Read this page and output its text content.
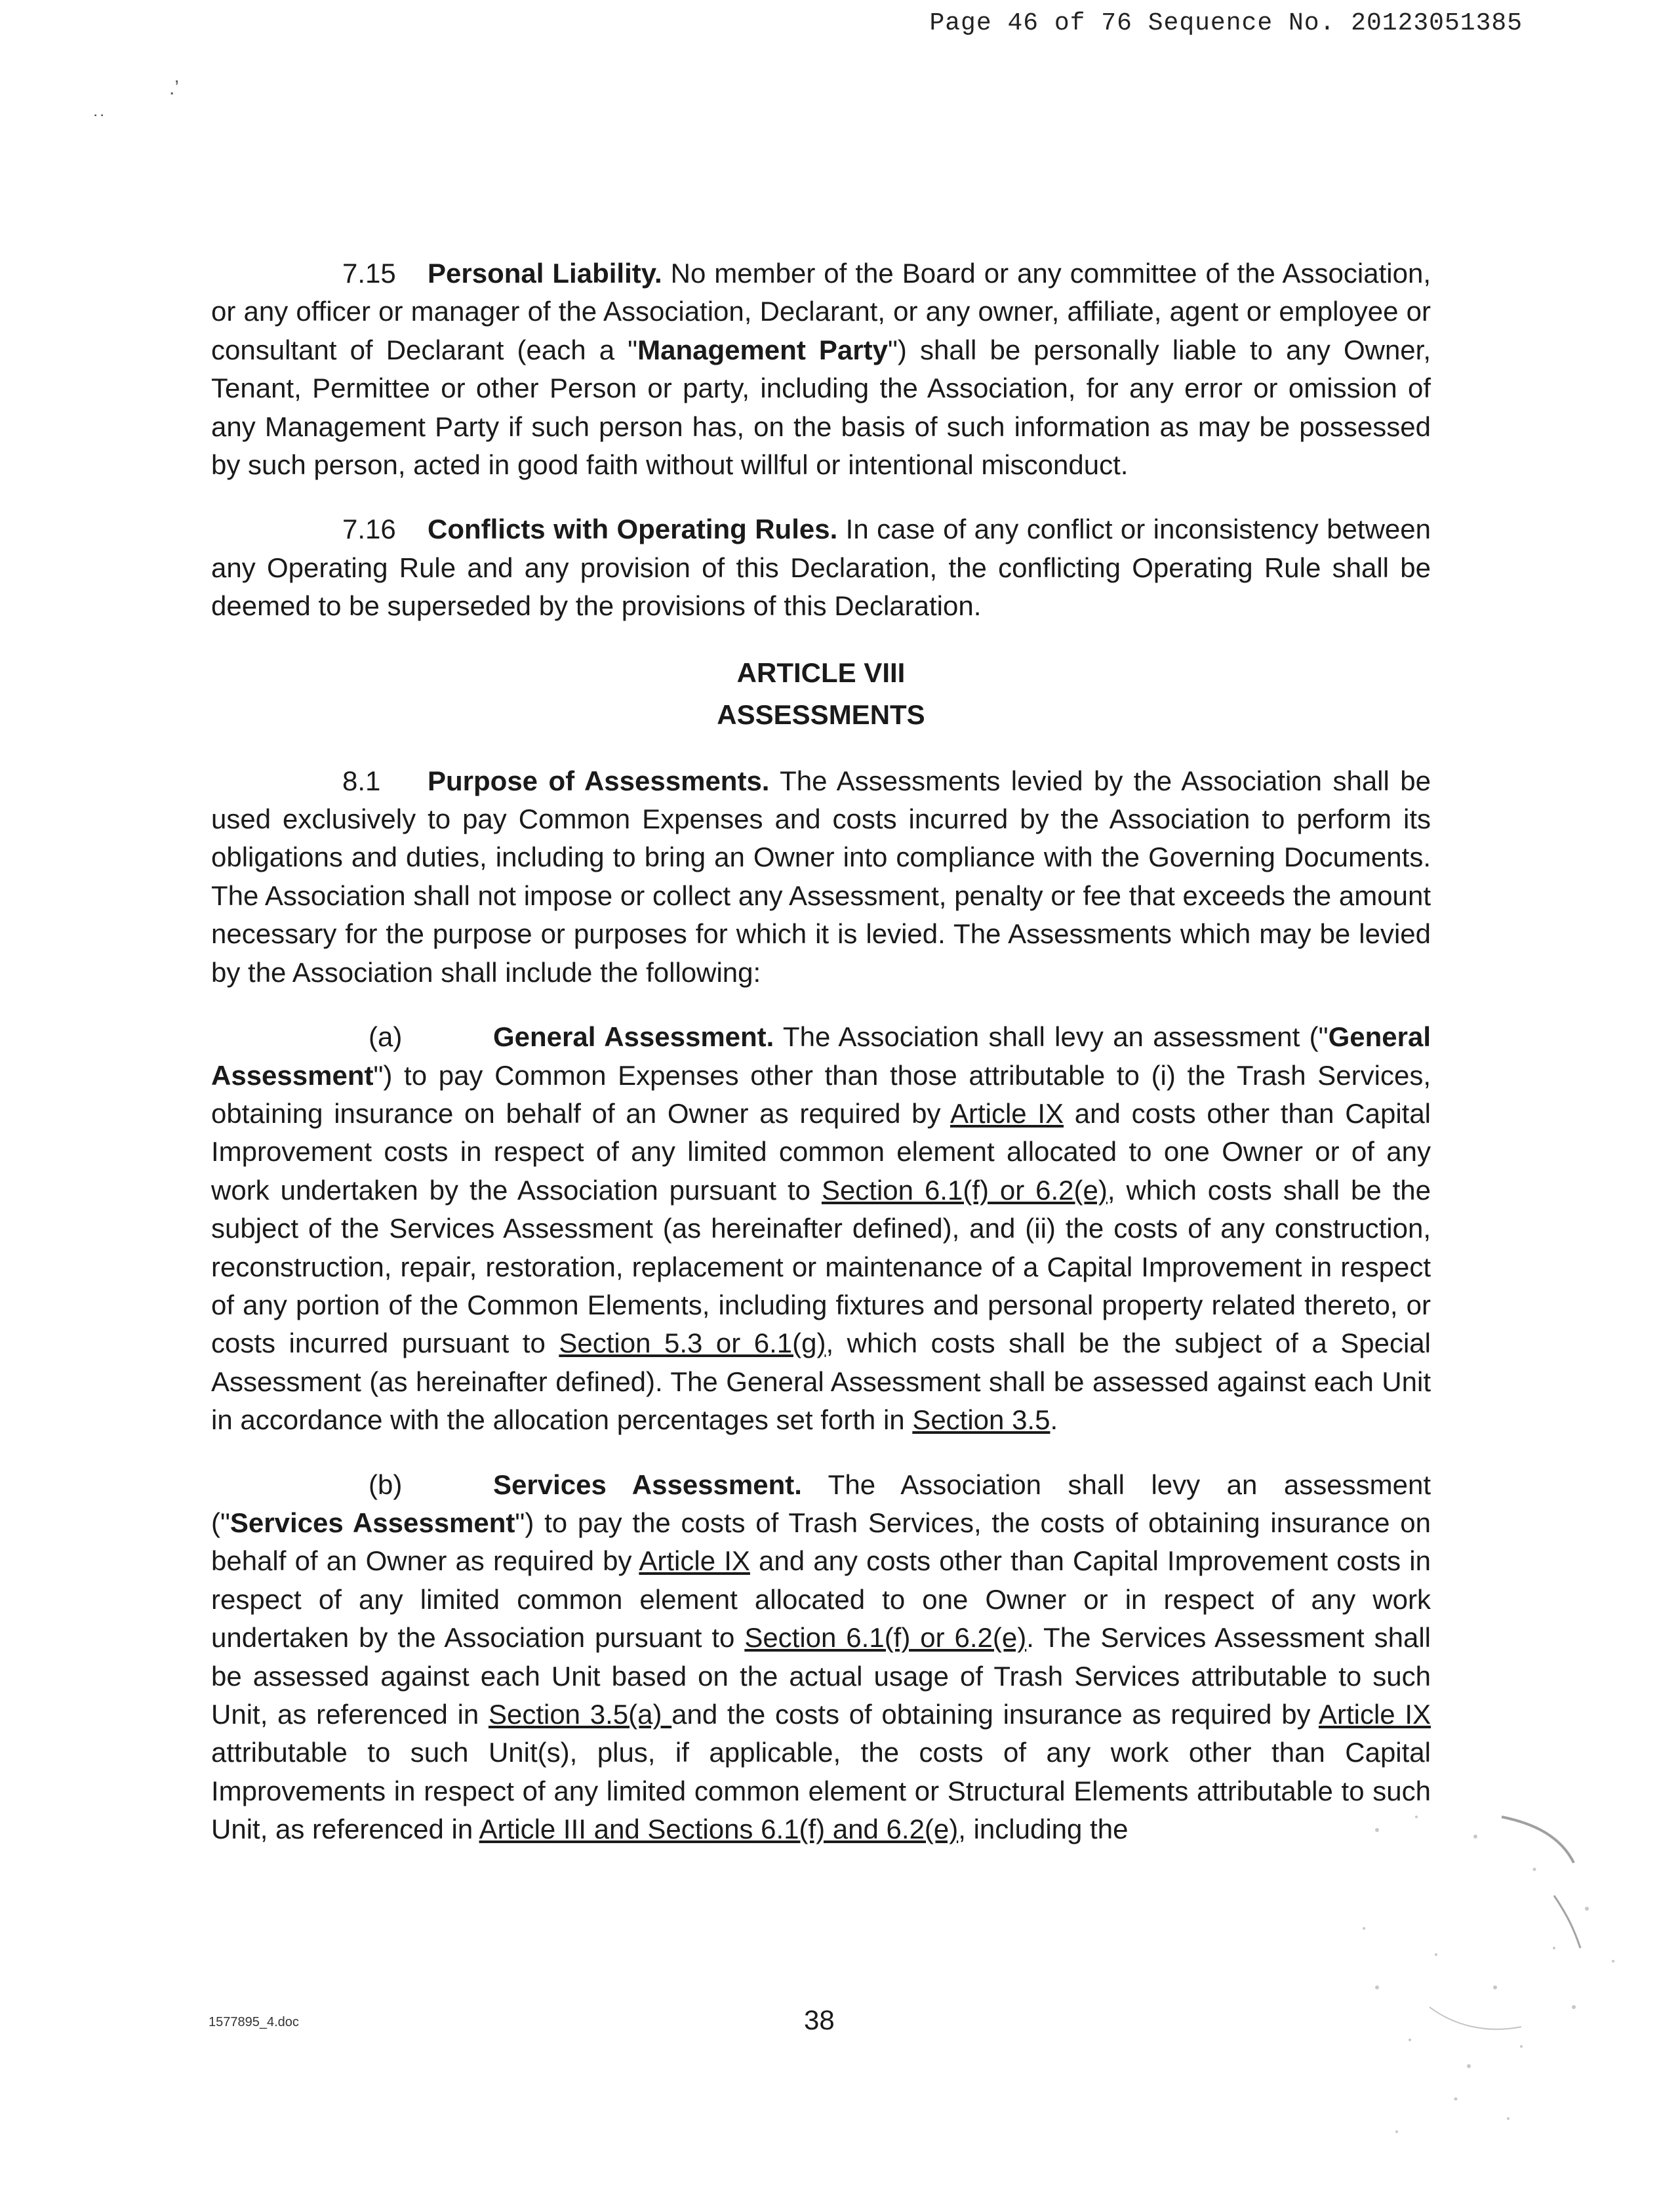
Page 46 of 76 Sequence No. 20123051385
.ʼ
˙˙

7.15 Personal Liability. No member of the Board or any committee of the Association, or any officer or manager of the Association, Declarant, or any owner, affiliate, agent or employee or consultant of Declarant (each a "Management Party") shall be personally liable to any Owner, Tenant, Permittee or other Person or party, including the Association, for any error or omission of any Management Party if such person has, on the basis of such information as may be possessed by such person, acted in good faith without willful or intentional misconduct.

7.16 Conflicts with Operating Rules. In case of any conflict or inconsistency between any Operating Rule and any provision of this Declaration, the conflicting Operating Rule shall be deemed to be superseded by the provisions of this Declaration.

ARTICLE VIII
ASSESSMENTS

8.1 Purpose of Assessments. The Assessments levied by the Association shall be used exclusively to pay Common Expenses and costs incurred by the Association to perform its obligations and duties, including to bring an Owner into compliance with the Governing Documents. The Association shall not impose or collect any Assessment, penalty or fee that exceeds the amount necessary for the purpose or purposes for which it is levied. The Assessments which may be levied by the Association shall include the following:

(a)	General Assessment. The Association shall levy an assessment ("General Assessment") to pay Common Expenses other than those attributable to (i) the Trash Services, obtaining insurance on behalf of an Owner as required by Article IX and costs other than Capital Improvement costs in respect of any limited common element allocated to one Owner or of any work undertaken by the Association pursuant to Section 6.1(f) or 6.2(e), which costs shall be the subject of the Services Assessment (as hereinafter defined), and (ii) the costs of any construction, reconstruction, repair, restoration, replacement or maintenance of a Capital Improvement in respect of any portion of the Common Elements, including fixtures and personal property related thereto, or costs incurred pursuant to Section 5.3 or 6.1(g), which costs shall be the subject of a Special Assessment (as hereinafter defined). The General Assessment shall be assessed against each Unit in accordance with the allocation percentages set forth in Section 3.5.

(b)	Services Assessment. The Association shall levy an assessment ("Services Assessment") to pay the costs of Trash Services, the costs of obtaining insurance on behalf of an Owner as required by Article IX and any costs other than Capital Improvement costs in respect of any limited common element allocated to one Owner or in respect of any work undertaken by the Association pursuant to Section 6.1(f) or 6.2(e). The Services Assessment shall be assessed against each Unit based on the actual usage of Trash Services attributable to such Unit, as referenced in Section 3.5(a) and the costs of obtaining insurance as required by Article IX attributable to such Unit(s), plus, if applicable, the costs of any work other than Capital Improvements in respect of any limited common element or Structural Elements attributable to such Unit, as referenced in Article III and Sections 6.1(f) and 6.2(e), including the

1577895_4.doc	38
